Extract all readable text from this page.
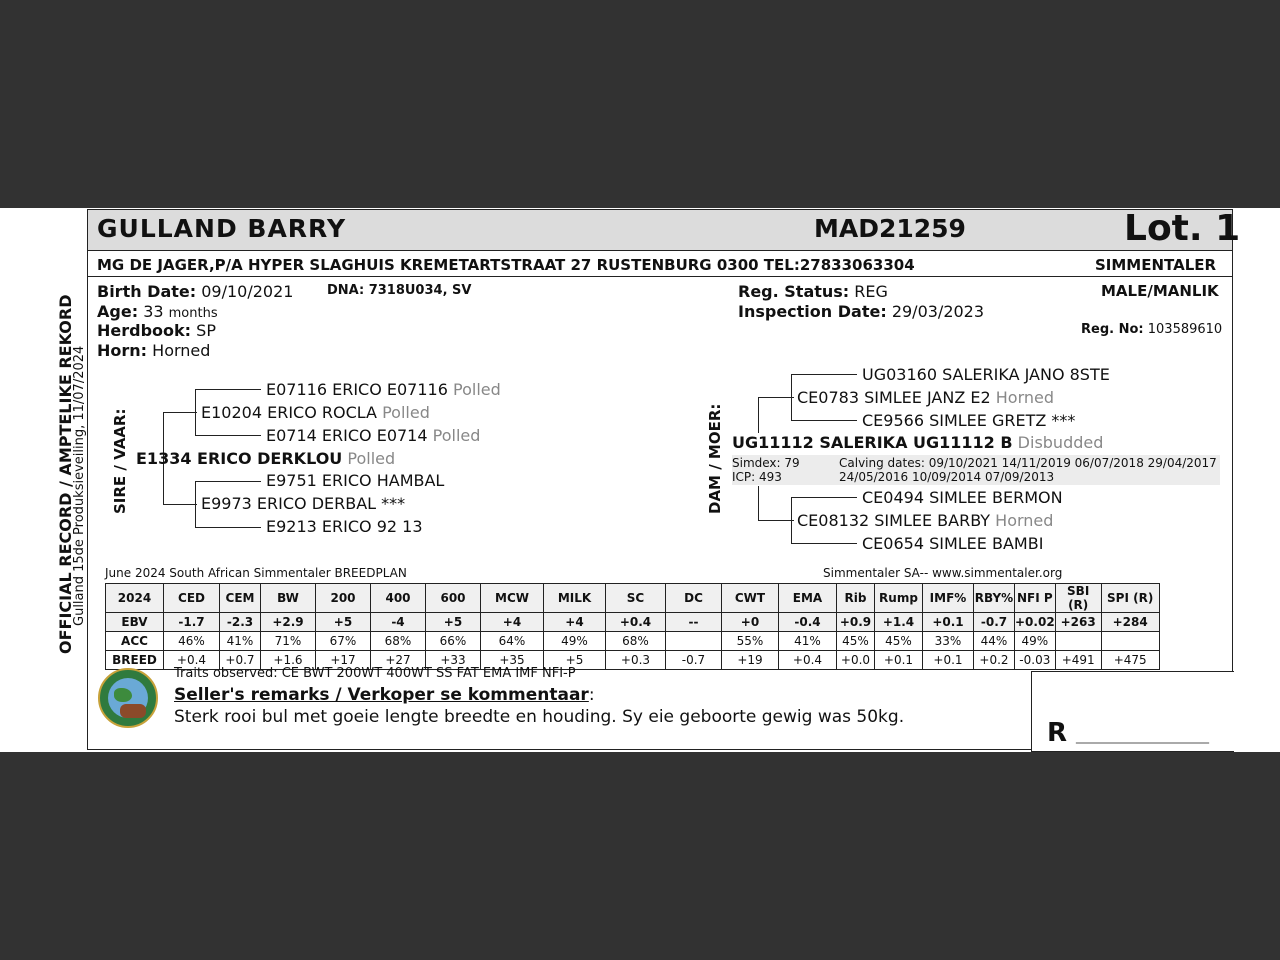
OFFICIAL RECORD / AMPTELIKE REKORD
Gulland 15de Produksieveiling, 11/07/2024
GULLAND BARRY	MAD21259	Lot. 1
MG DE JAGER,P/A HYPER SLAGHUIS KREMETARTSTRAAT 27 RUSTENBURG 0300 TEL:27833063304	SIMMENTALER
Birth Date: 09/10/2021	DNA: 7318U034, SV
Age: 33 months
Herdbook: SP
Horn: Horned
Reg. Status: REG
Inspection Date: 29/03/2023
MALE/MANLIK
Reg. No: 103589610
SIRE / VAAR:
E07116 ERICO E07116 Polled
E10204 ERICO ROCLA Polled
E0714 ERICO E0714 Polled
E1334 ERICO DERKLOU Polled
E9751 ERICO HAMBAL
E9973 ERICO DERBAL ***
E9213 ERICO 92 13
DAM / MOER:
UG03160 SALERIKA JANO 8STE
CE0783 SIMLEE JANZ E2 Horned
CE9566 SIMLEE GRETZ ***
UG11112 SALERIKA UG11112 B Disbudded
Simdex: 79
ICP: 493
Calving dates: 09/10/2021 14/11/2019 06/07/2018 29/04/2017
24/05/2016 10/09/2014 07/09/2013
CE0494 SIMLEE BERMON
CE08132 SIMLEE BARBY Horned
CE0654 SIMLEE BAMBI
June 2024 South African Simmentaler BREEDPLAN	Simmentaler SA-- www.simmentaler.org
2024	CED	CEM	BW	200	400	600	MCW	MILK	SC	DC	CWT	EMA	Rib	Rump	IMF%	RBY%	NFI P	SBI (R)	SPI (R)
EBV	-1.7	-2.3	+2.9	+5	-4	+5	+4	+4	+0.4	--	+0	-0.4	+0.9	+1.4	+0.1	-0.7	+0.02	+263	+284
ACC	46%	41%	71%	67%	68%	66%	64%	49%	68%		55%	41%	45%	45%	33%	44%	49%		
BREED	+0.4	+0.7	+1.6	+17	+27	+33	+35	+5	+0.3	-0.7	+19	+0.4	+0.0	+0.1	+0.1	+0.2	-0.03	+491	+475
Traits observed: CE BWT 200WT 400WT SS FAT EMA IMF NFI-P
Seller's remarks / Verkoper se kommentaar:
Sterk rooi bul met goeie lengte breedte en houding. Sy eie geboorte gewig was 50kg.
R ___________________
